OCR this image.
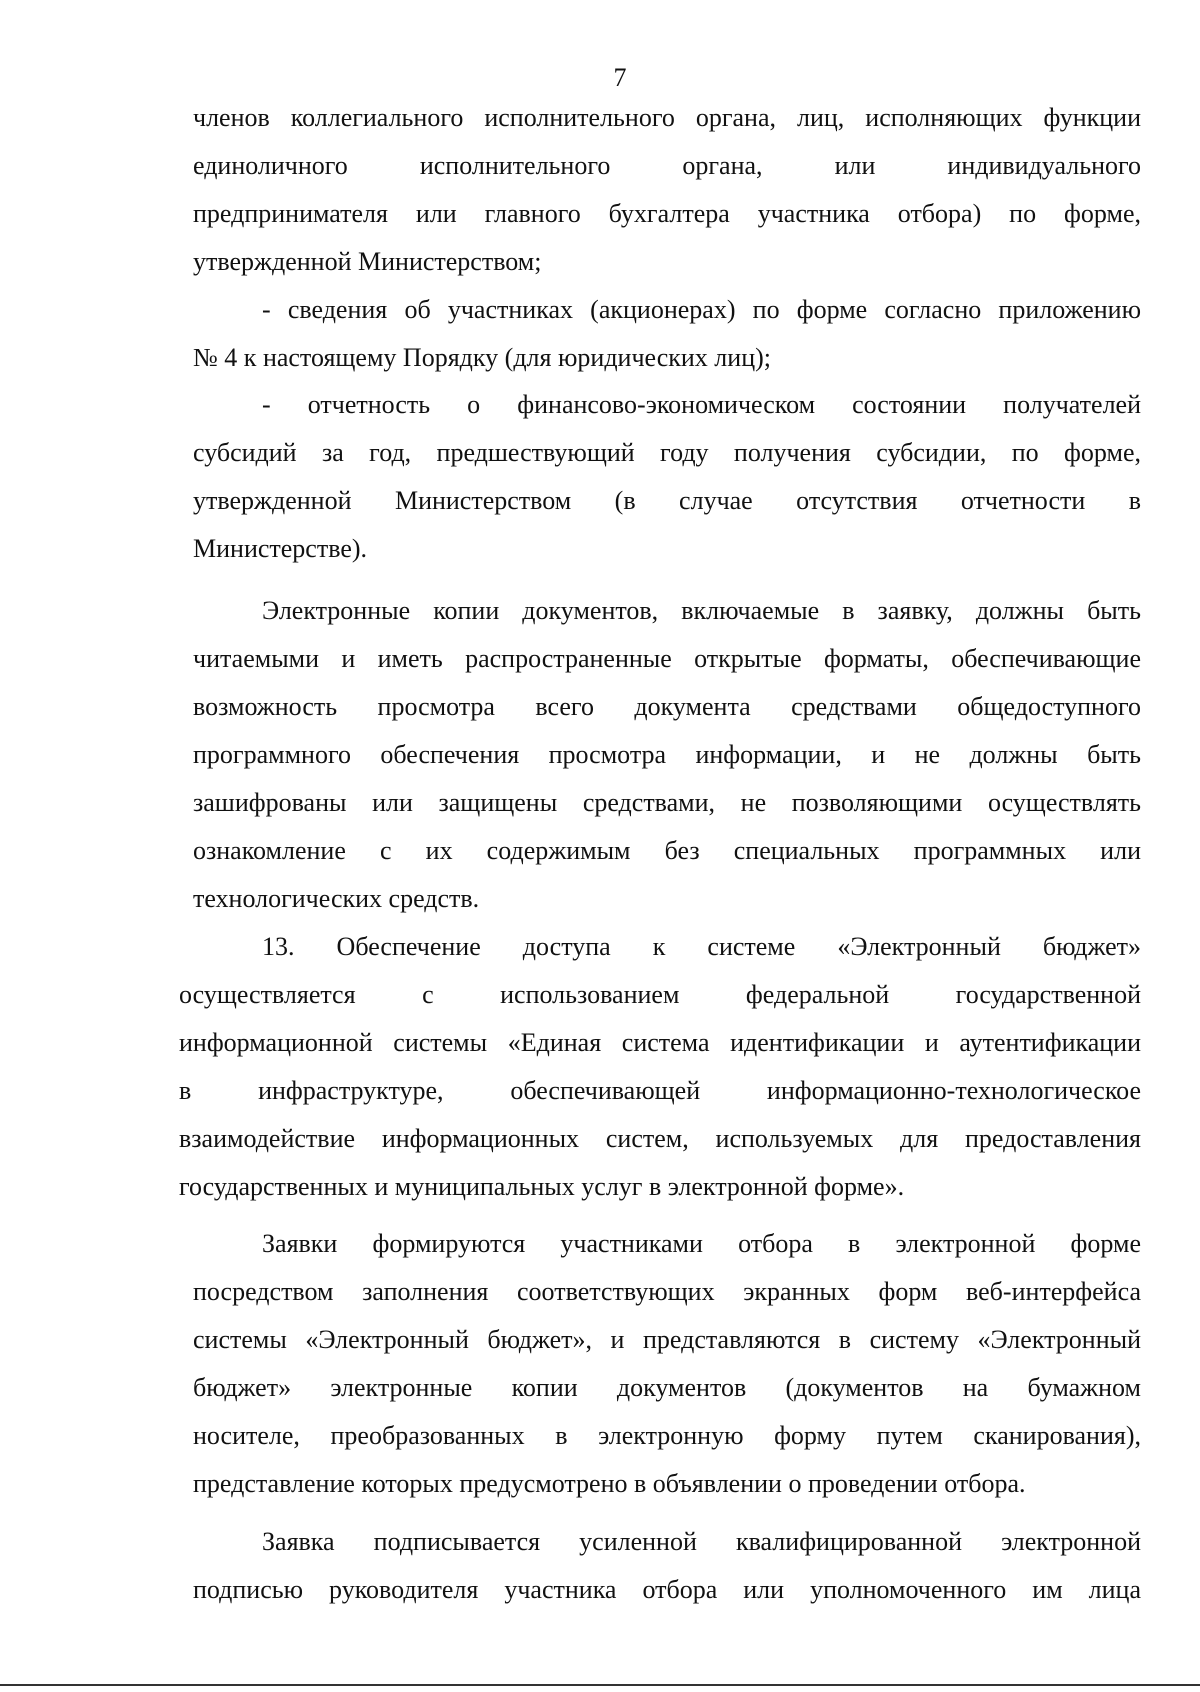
7
членов коллегиального исполнительного органа, лиц, исполняющих функции
единоличного исполнительного органа, или индивидуального
предпринимателя или главного бухгалтера участника отбора) по форме,
утвержденной Министерством;
- сведения об участниках (акционерах) по форме согласно приложению
№ 4 к настоящему Порядку (для юридических лиц);
- отчетность о финансово-экономическом состоянии получателей
субсидий за год, предшествующий году получения субсидии, по форме,
утвержденной Министерством (в случае отсутствия отчетности в
Министерстве).
Электронные копии документов, включаемые в заявку, должны быть
читаемыми и иметь распространенные открытые форматы, обеспечивающие
возможность просмотра всего документа средствами общедоступного
программного обеспечения просмотра информации, и не должны быть
зашифрованы или защищены средствами, не позволяющими осуществлять
ознакомление с их содержимым без специальных программных или
технологических средств.
13. Обеспечение доступа к системе «Электронный бюджет»
осуществляется с использованием федеральной государственной
информационной системы «Единая система идентификации и аутентификации
в инфраструктуре, обеспечивающей информационно-технологическое
взаимодействие информационных систем, используемых для предоставления
государственных и муниципальных услуг в электронной форме».
Заявки формируются участниками отбора в электронной форме
посредством заполнения соответствующих экранных форм веб-интерфейса
системы «Электронный бюджет», и представляются в систему «Электронный
бюджет» электронные копии документов (документов на бумажном
носителе, преобразованных в электронную форму путем сканирования),
представление которых предусмотрено в объявлении о проведении отбора.
Заявка подписывается усиленной квалифицированной электронной
подписью руководителя участника отбора или уполномоченного им лица
